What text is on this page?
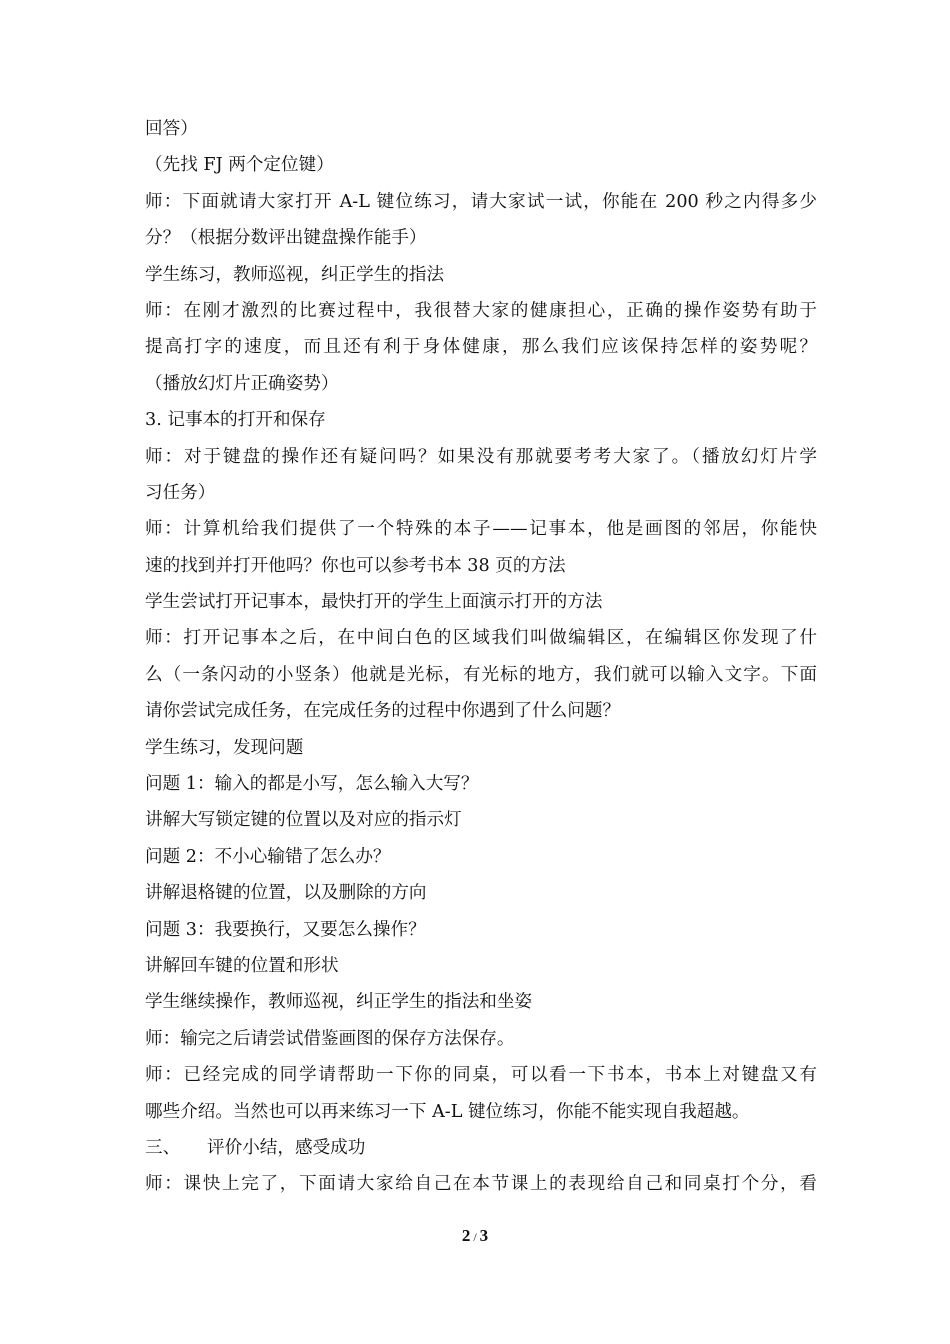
回答）
（先找 FJ 两个定位键）
师：下面就请大家打开 A-L 键位练习，请大家试一试，你能在 200 秒之内得多少
分？（根据分数评出键盘操作能手）
学生练习，教师巡视，纠正学生的指法
师：在刚才激烈的比赛过程中，我很替大家的健康担心，正确的操作姿势有助于
提高打字的速度，而且还有利于身体健康，那么我们应该保持怎样的姿势呢？
（播放幻灯片正确姿势）
3. 记事本的打开和保存
师：对于键盘的操作还有疑问吗？如果没有那就要考考大家了。（播放幻灯片学
习任务）
师：计算机给我们提供了一个特殊的本子——记事本，他是画图的邻居，你能快
速的找到并打开他吗？你也可以参考书本 38 页的方法
学生尝试打开记事本，最快打开的学生上面演示打开的方法
师：打开记事本之后，在中间白色的区域我们叫做编辑区，在编辑区你发现了什
么（一条闪动的小竖条）他就是光标，有光标的地方，我们就可以输入文字。下面
请你尝试完成任务，在完成任务的过程中你遇到了什么问题？
学生练习，发现问题
问题 1：输入的都是小写，怎么输入大写？
讲解大写锁定键的位置以及对应的指示灯
问题 2：不小心输错了怎么办？
讲解退格键的位置，以及删除的方向
问题 3：我要换行，又要怎么操作？
讲解回车键的位置和形状
学生继续操作，教师巡视，纠正学生的指法和坐姿
师：输完之后请尝试借鉴画图的保存方法保存。
师：已经完成的同学请帮助一下你的同桌，可以看一下书本，书本上对键盘又有
哪些介绍。当然也可以再来练习一下 A-L 键位练习，你能不能实现自我超越。
三、 评价小结，感受成功
师：课快上完了，下面请大家给自己在本节课上的表现给自己和同桌打个分，看
2 / 3
